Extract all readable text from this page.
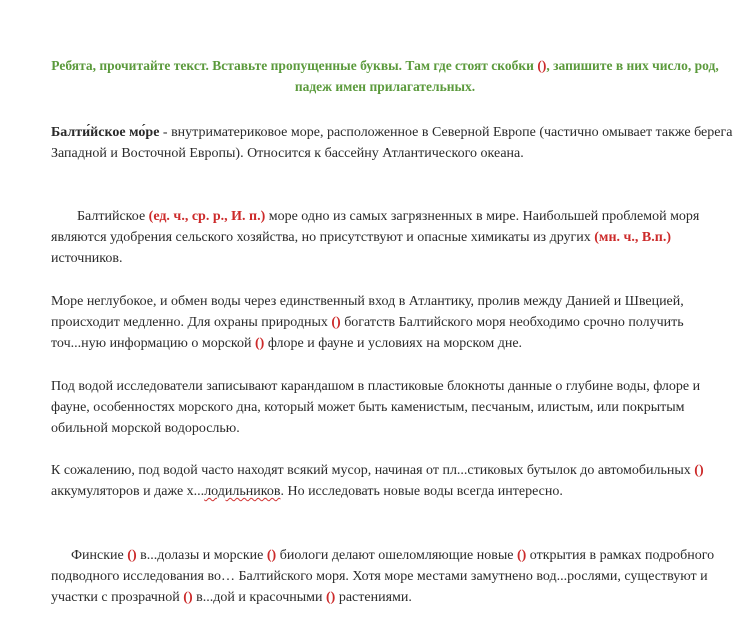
Ребята, прочитайте текст. Вставьте пропущенные буквы. Там где стоят скобки (), запишите в них число, род, падеж имен прилагательных.
Балти́йское мо́ре - внутриматериковое море, расположенное в Северной Европе (частично омывает также берега Западной и Восточной Европы). Относится к бассейну Атлантического океана.
Балтийское (ед. ч., ср. р., И. п.) море одно из самых загрязненных в мире. Наибольшей проблемой моря являются удобрения сельского хозяйства, но присутствуют и опасные химикаты из других (мн. ч., В.п.) источников.
Море неглубокое, и обмен воды через единственный вход в Атлантику, пролив между Данией и Швецией, происходит медленно. Для охраны природных () богатств Балтийского моря необходимо срочно получить точ...ную информацию о морской () флоре и фауне и условиях на морском дне.
Под водой исследователи записывают карандашом в пластиковые блокноты данные о глубине воды, флоре и фауне, особенностях морского дна, который может быть каменистым, песчаным, илистым, или покрытым обильной морской водорослью.
К сожалению, под водой часто находят всякий мусор, начиная от пл...стиковых бутылок до автомобильных () аккумуляторов и даже х...лодильников. Но исследовать новые воды всегда интересно.
Финские () в...долазы и морские () биологи делают ошеломляющие новые () открытия в рамках подробного подводного исследования во… Балтийского моря. Хотя море местами замутнено вод...рослями, существуют и участки с прозрачной () в...дой и красочными () растениями.
